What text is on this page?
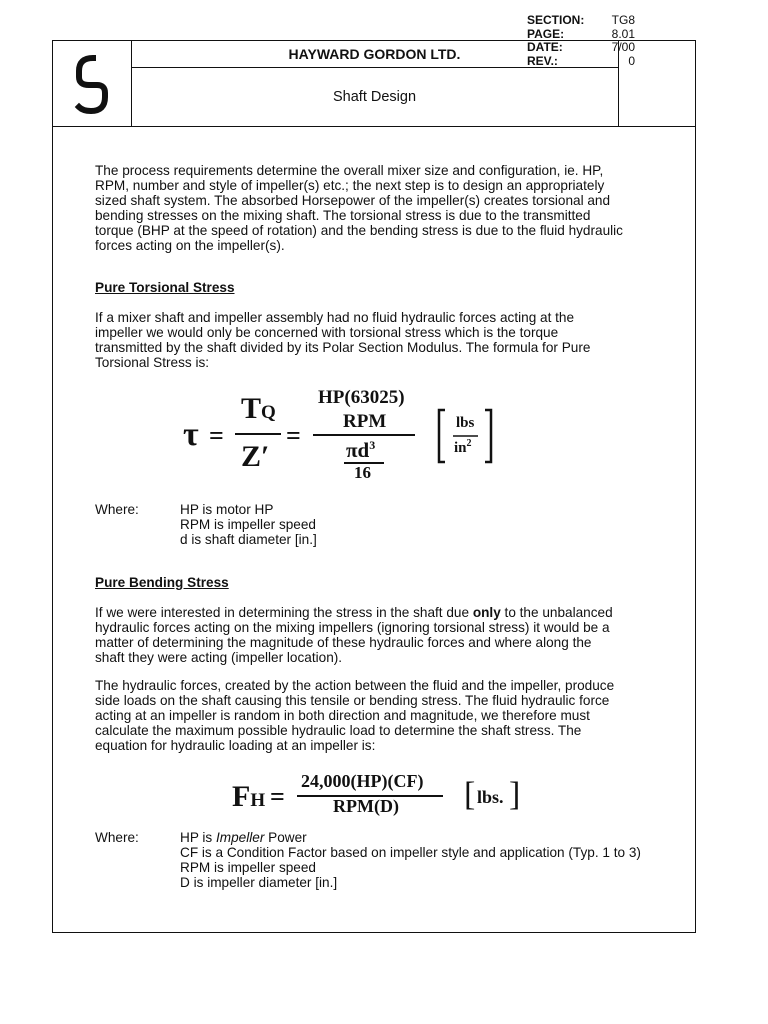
HAYWARD GORDON LTD.
Shaft Design
SECTION: TG8
PAGE:	8.01
DATE:	7/00
REV.:	0

The process requirements determine the overall mixer size and configuration, ie. HP,

RPM, number and style of impeller(s) etc.; the next step is to design an appropriately

sized shaft system. The absorbed Horsepower of the impeller(s) creates torsional and

bending stresses on the mixing shaft. The torsional stress is due to the transmitted

torque (BHP at the speed of rotation) and the bending stress is due to the fluid hydraulic

forces acting on the impeller(s).

Pure Torsional Stress

If a mixer shaft and impeller assembly had no fluid hydraulic forces acting at the

impeller we would only be concerned with torsional stress which is the torque

transmitted by the shaft divided by its Polar Section Modulus. The formula for Pure

Torsional Stress is:

τ =
TQ
Z′
=
HP(63025)
RPM
$\pi d^3$
16
lbs
$in^2$
Where:	HP is motor HP
RPM is impeller speed
d is shaft diameter [in.]
Pure Bending Stress

If we were interested in determining the stress in the shaft due only to the unbalanced

hydraulic forces acting on the mixing impellers (ignoring torsional stress) it would be a

matter of determining the magnitude of these hydraulic forces and where along the

shaft they were acting (impeller location).

The hydraulic forces, created by the action between the fluid and the impeller, produce

side loads on the shaft causing this tensile or bending stress. The fluid hydraulic force

acting at an impeller is random in both direction and magnitude, we therefore must

calculate the maximum possible hydraulic load to determine the shaft stress. The

equation for hydraulic loading at an impeller is:

FH =
24,000(HP)(CF)
RPM(D) [ lbs. ]
Where:	HP is Impeller Power
CF is a Condition Factor based on impeller style and application (Typ. 1 to 3)
RPM is impeller speed
D is impeller diameter [in.]
